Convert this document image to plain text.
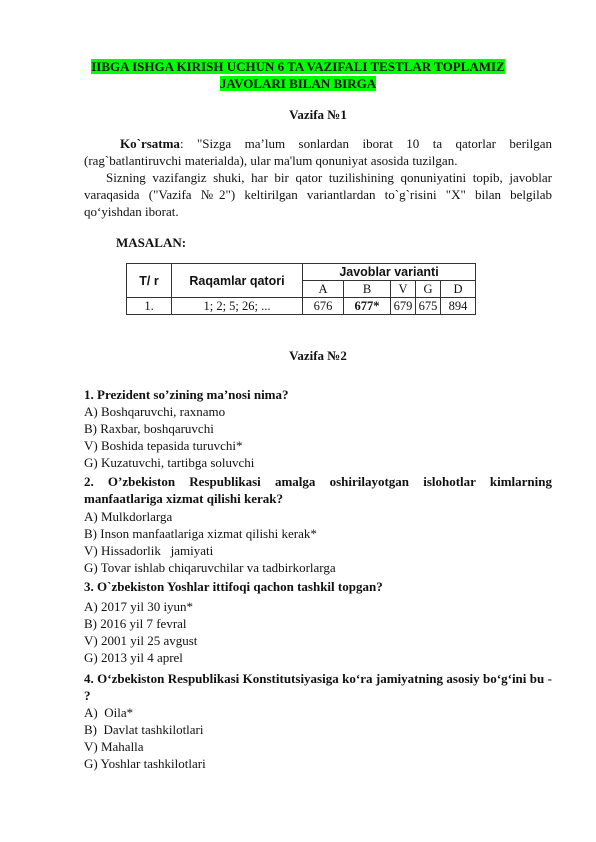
IIBGA ISHGA KIRISH UCHUN 6 TA VAZIFALI TESTLAR TOPLAMIZ
JAVOLARI BILAN BIRGA
Vazifa №1
Ko`rsatma: "Sizga ma’lum sonlardan iborat 10 ta qatorlar berilgan (rag`batlantiruvchi materialda), ular ma'lum qonuniyat asosida tuzilgan.
Sizning vazifangiz shuki, har bir qator tuzilishining qonuniyatini topib, javoblar varaqasida ("Vazifa №2") keltirilgan variantlardan to`g`risini "X" bilan belgilab qo‘yishdan iborat.
MASALAN:
T/ r	Raqamlar qatori	Javoblar varianti				
		A	B	V	G	D
1.	1; 2; 5; 26; ...	676	677*	679	675	894
Vazifa №2
1. Prezident so’zining ma’nosi nima?
A) Boshqaruvchi, raxnamo
B) Raxbar, boshqaruvchi
V) Boshida tepasida turuvchi*
G) Kuzatuvchi, tartibga soluvchi
2. O’zbekiston Respublikasi amalga oshirilayotgan islohotlar kimlarning manfaatlariga xizmat qilishi kerak?
A) Mulkdorlarga
B) Inson manfaatlariga xizmat qilishi kerak*
V) Hissadorlik   jamiyati
G) Tovar ishlab chiqaruvchilar va tadbirkorlarga
3. O`zbekiston Yoshlar ittifoqi qachon tashkil topgan?
A) 2017 yil 30 iyun*
B) 2016 yil 7 fevral
V) 2001 yil 25 avgust
G) 2013 yil 4 aprel
4. O‘zbekiston Respublikasi Konstitutsiyasiga ko‘ra jamiyatning asosiy bo‘g‘ini bu - ?
A)  Oila*
B)  Davlat tashkilotlari
V) Mahalla
G) Yoshlar tashkilotlari
